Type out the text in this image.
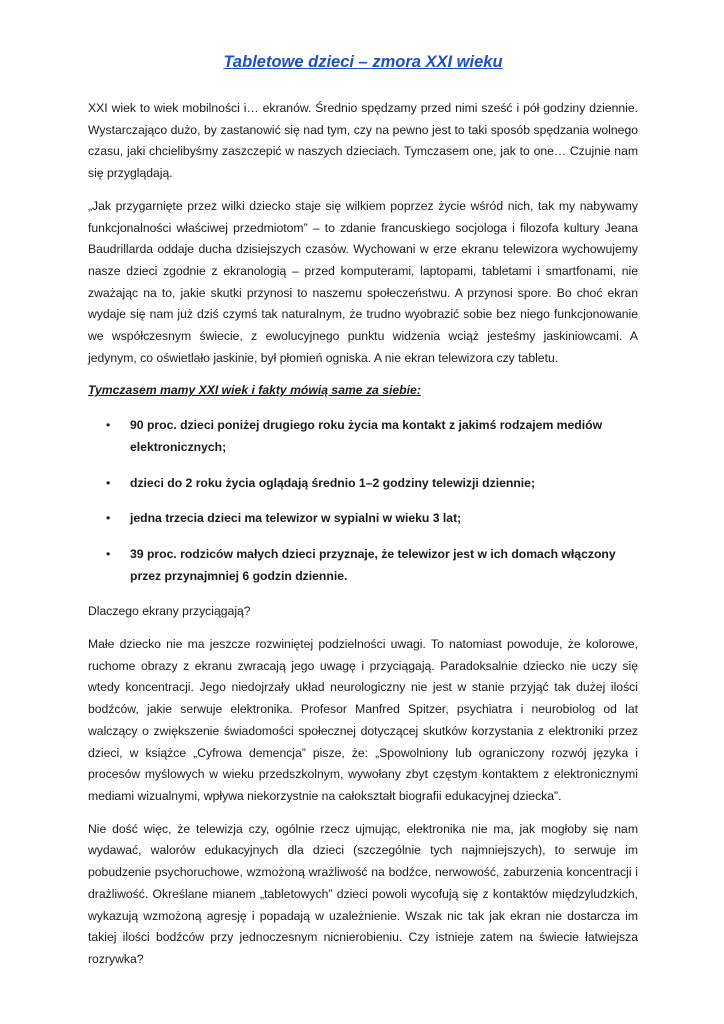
Tabletowe dzieci – zmora XXI wieku

XXI wiek to wiek mobilności i… ekranów. Średnio spędzamy przed nimi sześć i pół godziny dziennie. Wystarczająco dużo, by zastanowić się nad tym, czy na pewno jest to taki sposób spędzania wolnego czasu, jaki chcielibyśmy zaszczepić w naszych dzieciach. Tymczasem one, jak to one… Czujnie nam się przyglądają.

„Jak przygarnięte przez wilki dziecko staje się wilkiem poprzez życie wśród nich, tak my nabywamy funkcjonalności właściwej przedmiotom” – to zdanie francuskiego socjologa i filozofa kultury Jeana Baudrillarda oddaje ducha dzisiejszych czasów. Wychowani w erze ekranu telewizora wychowujemy nasze dzieci zgodnie z ekranologią – przed komputerami, laptopami, tabletami i smartfonami, nie zważając na to, jakie skutki przynosi to naszemu społeczeństwu. A przynosi spore. Bo choć ekran wydaje się nam już dziś czymś tak naturalnym, że trudno wyobrazić sobie bez niego funkcjonowanie we współczesnym świecie, z ewolucyjnego punktu widzenia wciąż jesteśmy jaskiniowcami. A jedynym, co oświetlało jaskinie, był płomień ogniska. A nie ekran telewizora czy tabletu.

Tymczasem mamy XXI wiek i fakty mówią same za siebie:

• 90 proc. dzieci poniżej drugiego roku życia ma kontakt z jakimś rodzajem mediów elektronicznych;
• dzieci do 2 roku życia oglądają średnio 1–2 godziny telewizji dziennie;
• jedna trzecia dzieci ma telewizor w sypialni w wieku 3 lat;
• 39 proc. rodziców małych dzieci przyznaje, że telewizor jest w ich domach włączony przez przynajmniej 6 godzin dziennie.

Dlaczego ekrany przyciągają?

Małe dziecko nie ma jeszcze rozwiniętej podzielności uwagi. To natomiast powoduje, że kolorowe, ruchome obrazy z ekranu zwracają jego uwagę i przyciągają. Paradoksalnie dziecko nie uczy się wtedy koncentracji. Jego niedojrzały układ neurologiczny nie jest w stanie przyjąć tak dużej ilości bodźców, jakie serwuje elektronika. Profesor Manfred Spitzer, psychiatra i neurobiolog od lat walczący o zwiększenie świadomości społecznej dotyczącej skutków korzystania z elektroniki przez dzieci, w książce „Cyfrowa demencja” pisze, że: „Spowolniony lub ograniczony rozwój języka i procesów myślowych w wieku przedszkolnym, wywołany zbyt częstym kontaktem z elektronicznymi mediami wizualnymi, wpływa niekorzystnie na całokształt biografii edukacyjnej dziecka”.

Nie dość więc, że telewizja czy, ogólnie rzecz ujmując, elektronika nie ma, jak mogłoby się nam wydawać, walorów edukacyjnych dla dzieci (szczególnie tych najmniejszych), to serwuje im pobudzenie psychoruchowe, wzmożoną wrażliwość na bodźce, nerwowość, zaburzenia koncentracji i drażliwość. Określane mianem „tabletowych” dzieci powoli wycofują się z kontaktów międzyludzkich, wykazują wzmożoną agresję i popadają w uzależnienie. Wszak nic tak jak ekran nie dostarcza im takiej ilości bodźców przy jednoczesnym nicnierobieniu. Czy istnieje zatem na świecie łatwiejsza rozrywka?
